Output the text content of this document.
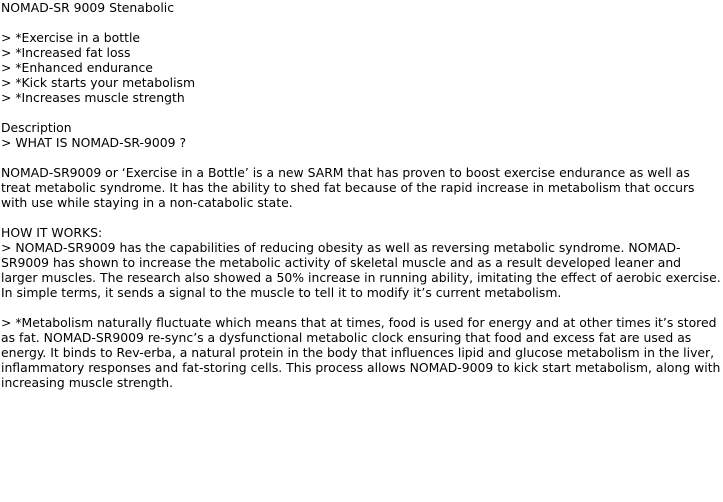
NOMAD-SR 9009 Stenabolic
> *Exercise in a bottle
> *Increased fat loss
> *Enhanced endurance
> *Kick starts your metabolism
> *Increases muscle strength
Description
> WHAT IS NOMAD-SR-9009 ?

NOMAD-SR9009 or ‘Exercise in a Bottle’ is a new SARM that has proven to boost exercise endurance as well as treat metabolic syndrome. It has the ability to shed fat because of the rapid increase in metabolism that occurs with use while staying in a non-catabolic state.

HOW IT WORKS:

> NOMAD-SR9009 has the capabilities of reducing obesity as well as reversing metabolic syndrome. NOMAD-SR9009 has shown to increase the metabolic activity of skeletal muscle and as a result developed leaner and larger muscles. The research also showed a 50% increase in running ability, imitating the effect of aerobic exercise. In simple terms, it sends a signal to the muscle to tell it to modify it’s current metabolism.

> *Metabolism naturally fluctuate which means that at times, food is used for energy and at other times it’s stored as fat. NOMAD-SR9009 re-sync’s a dysfunctional metabolic clock ensuring that food and excess fat are used as energy. It binds to Rev-erba, a natural protein in the body that influences lipid and glucose metabolism in the liver, inflammatory responses and fat-storing cells. This process allows NOMAD-9009 to kick start metabolism, along with increasing muscle strength.
